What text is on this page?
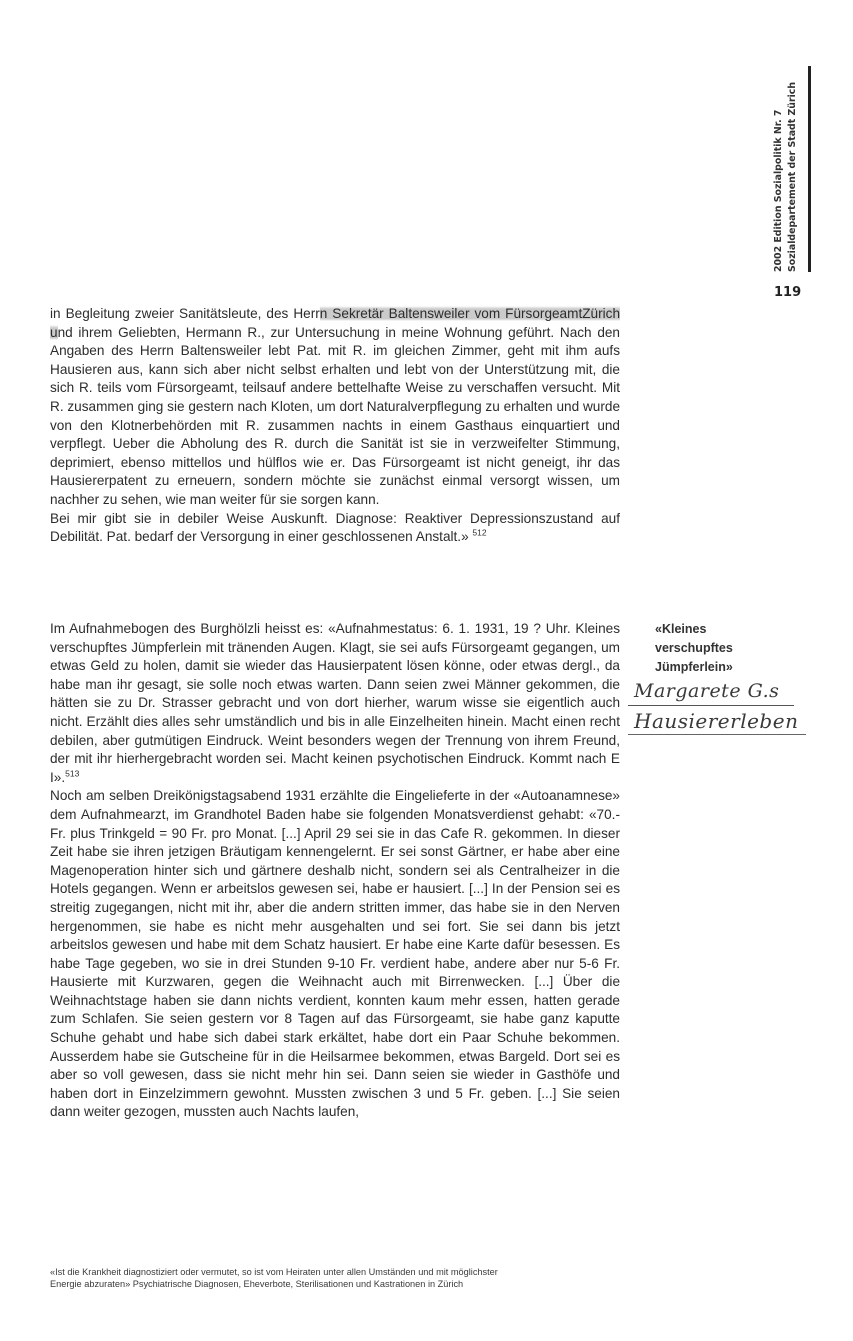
2002 Edition Sozialpolitik Nr. 7 Sozialdepartement der Stadt Zürich
119

in Begleitung zweier Sanitätsleute, des Herrn Sekretär Baltensweiler vom FürsorgeamtZürich und ihrem Geliebten, Hermann R., zur Untersuchung in meine Wohnung geführt. Nach den Angaben des Herrn Baltensweiler lebt Pat. mit R. im gleichen Zimmer, geht mit ihm aufs Hausieren aus, kann sich aber nicht selbst erhalten und lebt von der Unterstützung mit, die sich R. teils vom Fürsorgeamt, teilsauf andere bettelhafte Weise zu verschaffen versucht. Mit R. zusammen ging sie gestern nach Kloten, um dort Naturalverpflegung zu erhalten und wurde von den Klotnerbehörden mit R. zusammen nachts in einem Gasthaus einquartiert und verpflegt. Ueber die Abholung des R. durch die Sanität ist sie in verzweifelter Stimmung, deprimiert, ebenso mittellos und hülflos wie er. Das Fürsorgeamt ist nicht geneigt, ihr das Hausiererpatent zu erneuern, sondern möchte sie zunächst einmal versorgt wissen, um nachher zu sehen, wie man weiter für sie sorgen kann.

Bei mir gibt sie in debiler Weise Auskunft. Diagnose: Reaktiver Depressionszustand auf Debilität. Pat. bedarf der Versorgung in einer geschlossenen Anstalt.» $^{512}$

Im Aufnahmebogen des Burghölzli heisst es: «Aufnahmestatus: 6. 1. 1931, 19 ? Uhr. Kleines verschupftes Jümpferlein mit tränenden Augen. Klagt, sie sei aufs Fürsorgeamt gegangen, um etwas Geld zu holen, damit sie wieder das Hausierpatent lösen könne, oder etwas dergl., da habe man ihr gesagt, sie solle noch etwas warten. Dann seien zwei Männer gekommen, die hätten sie zu Dr. Strasser gebracht und von dort hierher, warum wisse sie eigentlich auch nicht. Erzählt dies alles sehr umständlich und bis in alle Einzelheiten hinein. Macht einen recht debilen, aber gutmütigen Eindruck. Weint besonders wegen der Trennung von ihrem Freund, der mit ihr hierhergebracht worden sei. Macht keinen psychotischen Eindruck. Kommt nach E I».$^{513}$

Noch am selben Dreikönigstagsabend 1931 erzählte die Eingelieferte in der «Autoanamnese» dem Aufnahmearzt, im Grandhotel Baden habe sie folgenden Monatsverdienst gehabt: «70.- Fr. plus Trinkgeld = 90 Fr. pro Monat. [...] April 29 sei sie in das Cafe R. gekommen. In dieser Zeit habe sie ihren jetzigen Bräutigam kennengelernt. Er sei sonst Gärtner, er habe aber eine Magenoperation hinter sich und gärtnere deshalb nicht, sondern sei als Centralheizer in die Hotels gegangen. Wenn er arbeitslos gewesen sei, habe er hausiert. [...] In der Pension sei es streitig zugegangen, nicht mit ihr, aber die andern stritten immer, das habe sie in den Nerven hergenommen, sie habe es nicht mehr ausgehalten und sei fort. Sie sei dann bis jetzt arbeitslos gewesen und habe mit dem Schatz hausiert. Er habe eine Karte dafür besessen. Es habe Tage gegeben, wo sie in drei Stunden 9-10 Fr. verdient habe, andere aber nur 5-6 Fr. Hausierte mit Kurzwaren, gegen die Weihnacht auch mit Birrenwecken. [...] Über die Weihnachtstage haben sie dann nichts verdient, konnten kaum mehr essen, hatten gerade zum Schlafen. Sie seien gestern vor 8 Tagen auf das Fürsorgeamt, sie habe ganz kaputte Schuhe gehabt und habe sich dabei stark erkältet, habe dort ein Paar Schuhe bekommen. Ausserdem habe sie Gutscheine für in die Heilsarmee bekommen, etwas Bargeld. Dort sei es aber so voll gewesen, dass sie nicht mehr hin sei. Dann seien sie wieder in Gasthöfe und haben dort in Einzelzimmern gewohnt. Mussten zwischen 3 und 5 Fr. geben. [...] Sie seien dann weiter gezogen, mussten auch Nachts laufen,

«Kleines
verschupftes
Jümpferlein»
Margarete G.s
Hausiererleben

«Ist die Krankheit diagnostiziert oder vermutet, so ist vom Heiraten unter allen Umständen und mit möglichster

Energie abzuraten» Psychiatrische Diagnosen, Eheverbote, Sterilisationen und Kastrationen in Zürich
